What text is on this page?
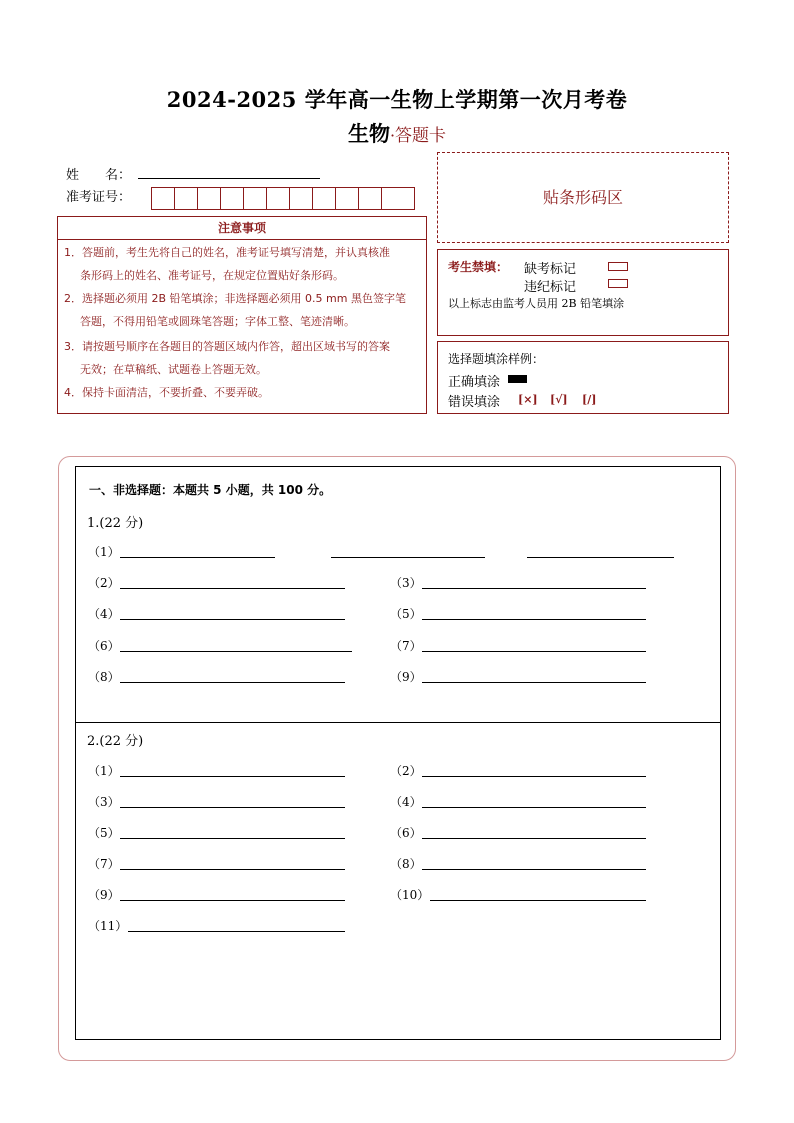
2024-2025 学年高一生物上学期第一次月考卷
生物·答题卡
姓　　名：
准考证号：
注意事项
1．答题前，考生先将自己的姓名，准考证号填写清楚，并认真核准
条形码上的姓名、准考证号，在规定位置贴好条形码。
2．选择题必须用 2B 铅笔填涂；非选择题必须用 0.5 mm 黑色签字笔
答题，不得用铅笔或圆珠笔答题；字体工整、笔迹清晰。
3．请按题号顺序在各题目的答题区域内作答，超出区域书写的答案
无效；在草稿纸、试题卷上答题无效。
4．保持卡面清洁，不要折叠、不要弄破。
贴条形码区
考生禁填： 缺考标记
违纪标记
以上标志由监考人员用 2B 铅笔填涂
选择题填涂样例：
正确填涂
错误填涂 [×] [√] [/]
一、非选择题：本题共 5 小题，共 100 分。
1.(22 分)
（1）
（2）	（3）
（4）	（5）
（6）	（7）
（8）	（9）
2.(22 分)
（1）	（2）
（3）	（4）
（5）	（6）
（7）	（8）
（9）	（10）
（11）
